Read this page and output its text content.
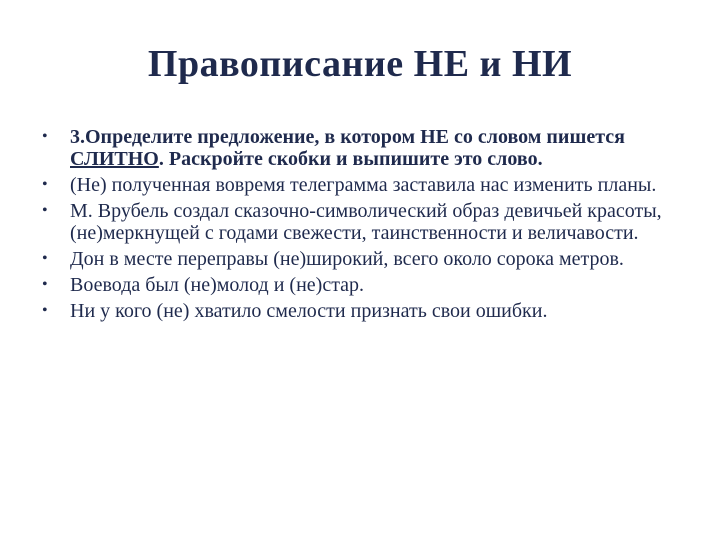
Правописание НЕ и НИ
• 3.Определите предложение, в котором НЕ со словом пишется СЛИТНО. Раскройте скобки и выпишите это слово.
• (Не) полученная вовремя телеграмма заставила нас изменить планы.
• М. Врубель создал сказочно-символический образ девичьей красоты, (не)меркнущей с годами свежести, таинственности и величавости.
• Дон в месте переправы (не)широкий, всего около сорока метров.
• Воевода был (не)молод и (не)стар.
• Ни у кого (не) хватило смелости признать свои ошибки.
